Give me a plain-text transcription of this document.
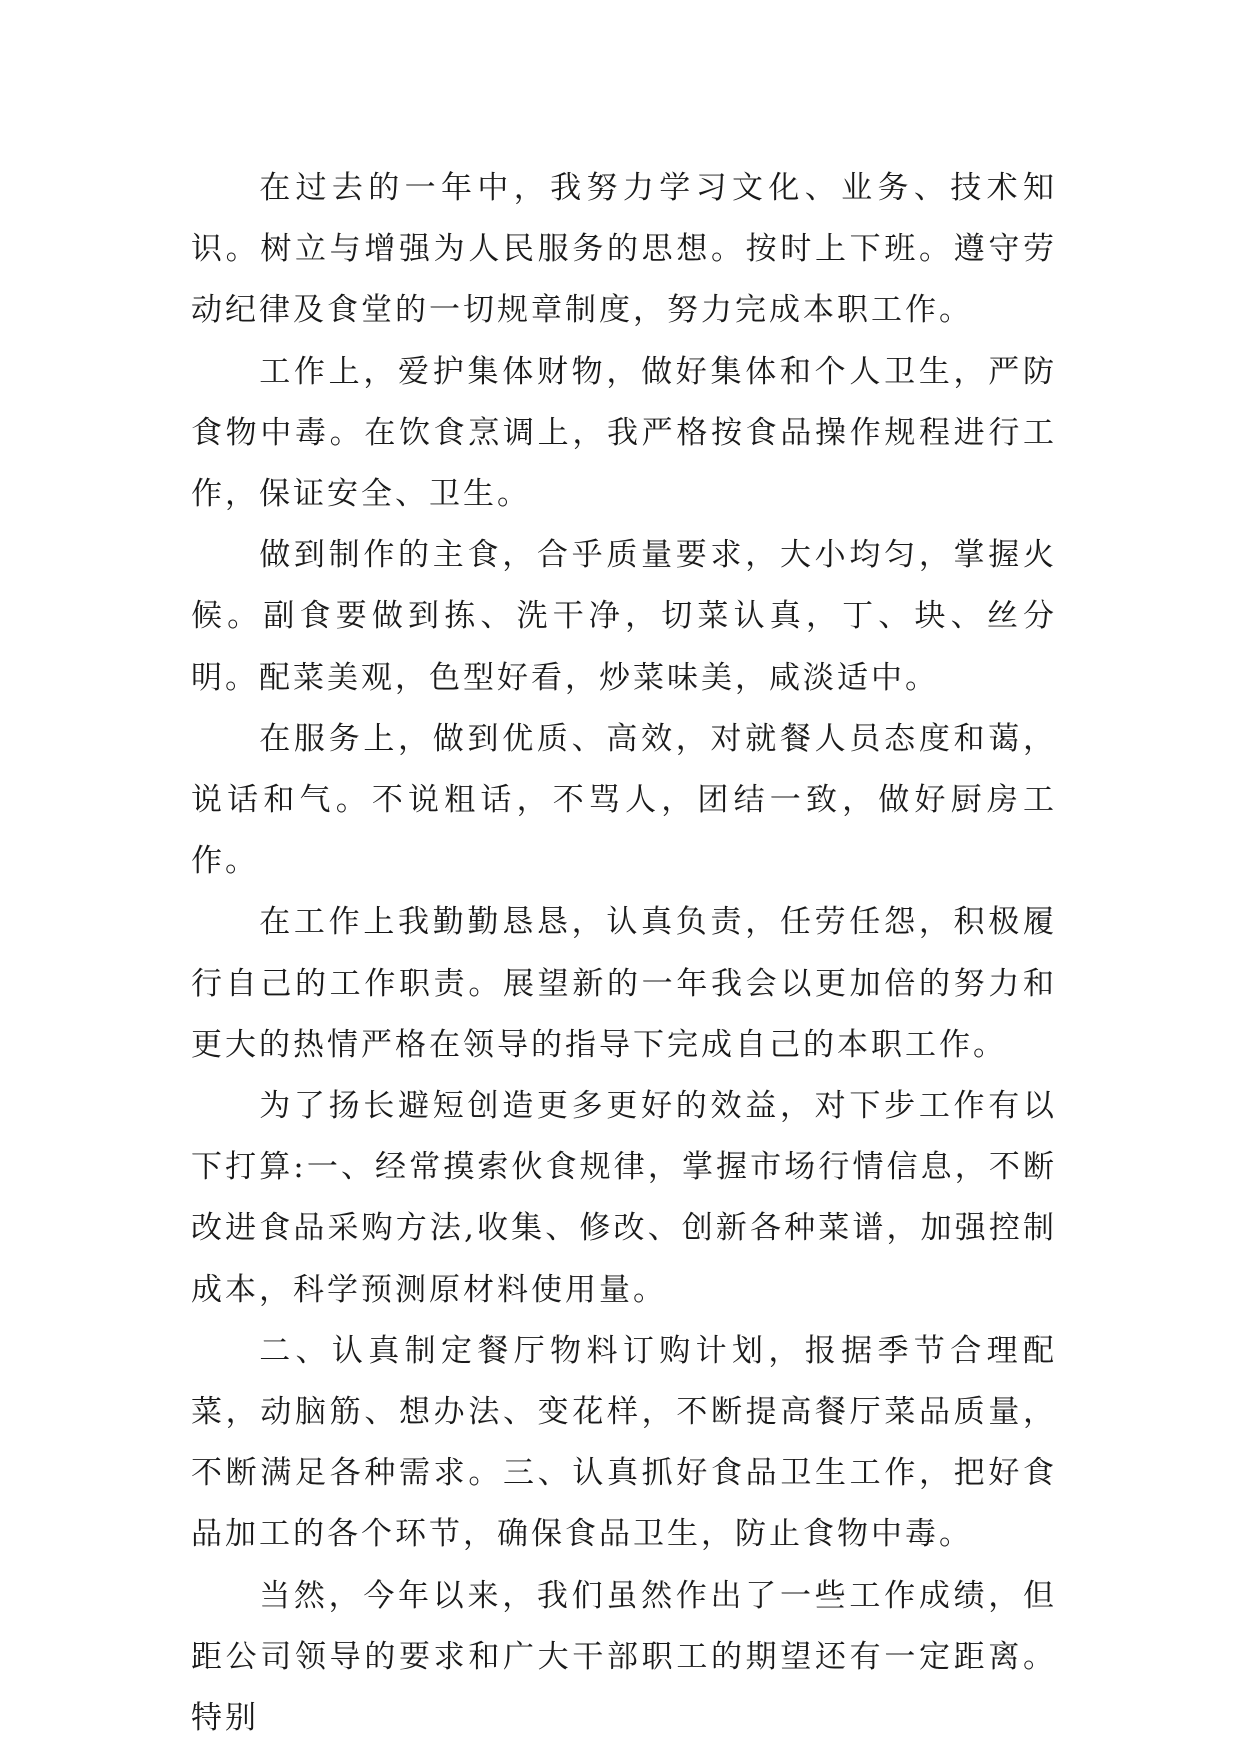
在过去的一年中，我努力学习文化、业务、技术知识。树立与增强为人民服务的思想。按时上下班。遵守劳动纪律及食堂的一切规章制度，努力完成本职工作。

工作上，爱护集体财物，做好集体和个人卫生，严防食物中毒。在饮食烹调上，我严格按食品操作规程进行工作，保证安全、卫生。

做到制作的主食，合乎质量要求，大小均匀，掌握火候。副食要做到拣、洗干净，切菜认真，丁、块、丝分明。配菜美观，色型好看，炒菜味美，咸淡适中。

在服务上，做到优质、高效，对就餐人员态度和蔼，说话和气。不说粗话，不骂人，团结一致，做好厨房工作。

在工作上我勤勤恳恳，认真负责，任劳任怨，积极履行自己的工作职责。展望新的一年我会以更加倍的努力和更大的热情严格在领导的指导下完成自己的本职工作。

为了扬长避短创造更多更好的效益，对下步工作有以下打算:一、经常摸索伙食规律，掌握市场行情信息，不断改进食品采购方法,收集、修改、创新各种菜谱，加强控制成本，科学预测原材料使用量。

二、认真制定餐厅物料订购计划，报据季节合理配菜，动脑筋、想办法、变花样，不断提高餐厅菜品质量，不断满足各种需求。三、认真抓好食品卫生工作，把好食品加工的各个环节，确保食品卫生，防止食物中毒。

当然，今年以来，我们虽然作出了一些工作成绩，但距公司领导的要求和广大干部职工的期望还有一定距离。特别
